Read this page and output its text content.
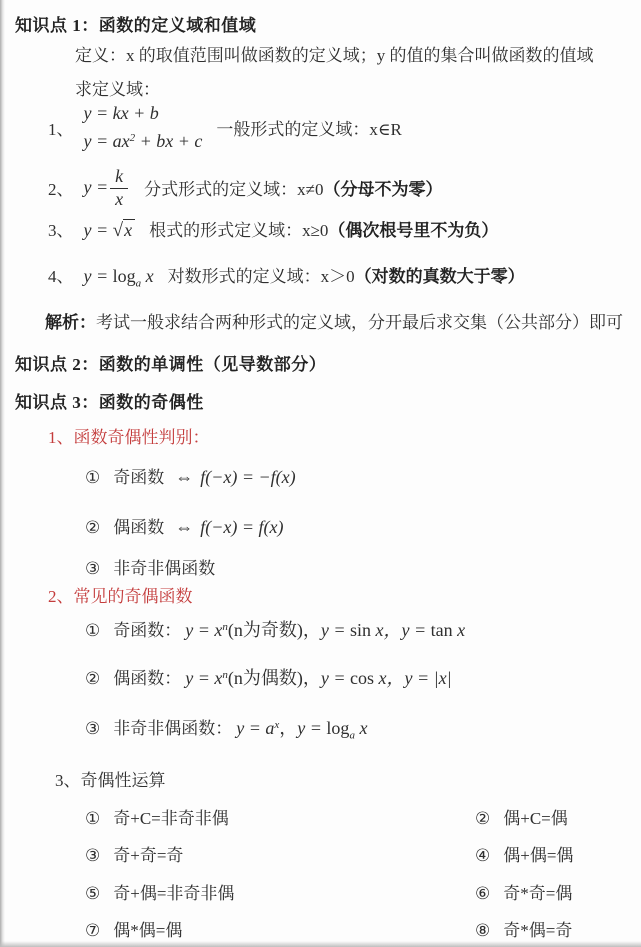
知识点 1：函数的定义域和值域
定义：x 的取值范围叫做函数的定义域；y 的值的集合叫做函数的值域
求定义域：
1、
y = kx + b
$y = ax^2$ + bx + c
一般形式的定义域：x∈R
2、 $y = \frac{k}{x}$ 分式形式的定义域：x≠0（分母不为零）
3、 y = √x 根式的形式定义域：x≥0（偶次根号里不为负）
4、 $y = \log_a x$ 对数形式的定义域：x＞0（对数的真数大于零）
解析：考试一般求结合两种形式的定义域，分开最后求交集（公共部分）即可
知识点 2：函数的单调性（见导数部分）
知识点 3：函数的奇偶性
1、函数奇偶性判别：
① 奇函数 ⇔ f(−x) = −f(x)
② 偶函数 ⇔ f(−x) = f(x)
③ 非奇非偶函数
2、常见的奇偶函数
① 奇函数： $y = x^n(n$为奇数)，y = sin x，y = tan x
② 偶函数： $y = x^n(n$为偶数)，y = cos x，y = |x|
③ 非奇非偶函数： $y = a^x$，$y = \log_a x$
3、奇偶性运算
① 奇+C=非奇非偶	② 偶+C=偶
③ 奇+奇=奇	④ 偶+偶=偶
⑤ 奇+偶=非奇非偶	⑥ 奇*奇=偶
⑦ 偶*偶=偶	⑧ 奇*偶=奇
